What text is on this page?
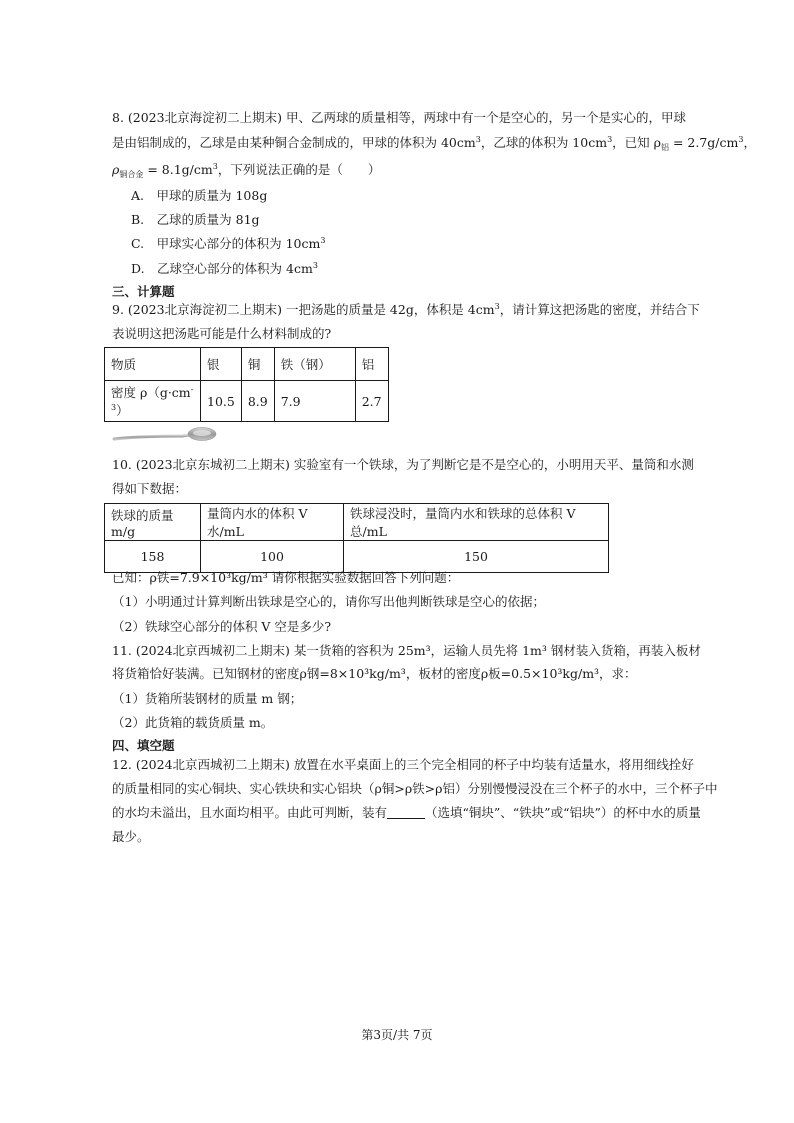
8. (2023北京海淀初二上期末) 甲、乙两球的质量相等，两球中有一个是空心的，另一个是实心的，甲球
是由铝制成的，乙球是由某种铜合金制成的，甲球的体积为 $40cm^3$，乙球的体积为 $10cm^3$，已知 $\rho_铝 = 2.7g/cm^3$，
$\rho_{铜合金} = 8.1g/cm^3$，下列说法正确的是（　　）
A.　甲球的质量为 108g
B.　乙球的质量为 81g
C.　甲球实心部分的体积为 $10cm^3$
D.　乙球空心部分的体积为 $4cm^3$
三、计算题
9. (2023北京海淀初二上期末) 一把汤匙的质量是 42g，体积是 $4cm^3$，请计算这把汤匙的密度，并结合下
表说明这把汤匙可能是什么材料制成的?
物质	银	铜	铁（钢）	铝
密度 $\rho(g\cdot cm^{-3})$	10.5	8.9	7.9	2.7
10. (2023北京东城初二上期末) 实验室有一个铁球，为了判断它是不是空心的，小明用天平、量筒和水测
得如下数据：
铁球的质量 m/g	量筒内水的体积 V 水/mL	铁球浸没时，量筒内水和铁球的总体积 V 总/mL
158	100	150
已知：ρ铁=7.9×10³kg/m³ 请你根据实验数据回答下列问题：
（1）小明通过计算判断出铁球是空心的，请你写出他判断铁球是空心的依据；
（2）铁球空心部分的体积 V 空是多少?
11. (2024北京西城初二上期末) 某一货箱的容积为 25m³，运输人员先将 1m³ 钢材装入货箱，再装入板材
将货箱恰好装满。已知钢材的密度ρ钢=8×10³kg/m³，板材的密度ρ板=0.5×10³kg/m³，求：
（1）货箱所装钢材的质量 m 钢；
（2）此货箱的载货质量 m。
四、填空题
12. (2024北京西城初二上期末) 放置在水平桌面上的三个完全相同的杯子中均装有适量水，将用细线拴好
的质量相同的实心铜块、实心铁块和实心铝块（ρ铜>ρ铁>ρ铝）分别慢慢浸没在三个杯子的水中，三个杯子中
的水均未溢出，且水面均相平。由此可判断，装有	（选填“铜块”、“铁块”或“铝块”）的杯中水的质量
最少。
第3页/共 7页
